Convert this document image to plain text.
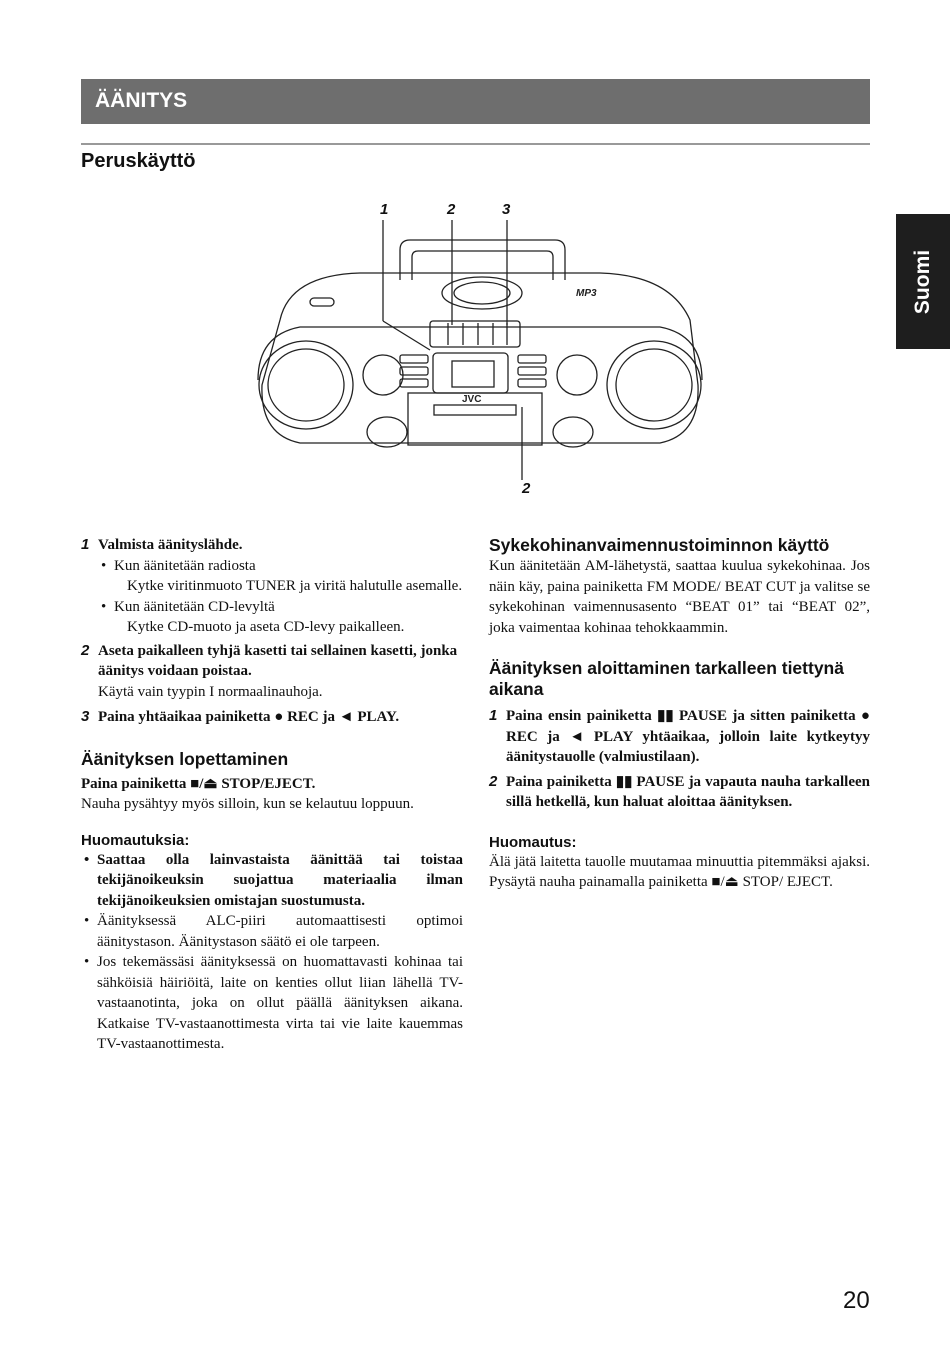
ÄÄNITYS
Peruskäyttö
Suomi
1	2	3
2
MP3
JVC
1 Valmista äänityslähde.
• Kun äänitetään radiosta
Kytke viritinmuoto TUNER ja viritä halutulle asemalle.
• Kun äänitetään CD-levyltä
Kytke CD-muoto ja aseta CD-levy paikalleen.
2 Aseta paikalleen tyhjä kasetti tai sellainen kasetti, jonka äänitys voidaan poistaa.
Käytä vain tyypin I normaalinauhoja.
3 Paina yhtäaikaa painiketta ● REC ja ◄ PLAY.
Äänityksen lopettaminen
Paina painiketta ■/⏏ STOP/EJECT.
Nauha pysähtyy myös silloin, kun se kelautuu loppuun.
Huomautuksia:
• Saattaa olla lainvastaista äänittää tai toistaa tekijänoikeuksin suojattua materiaalia ilman tekijänoikeuksien omistajan suostumusta.
• Äänityksessä ALC-piiri automaattisesti optimoi äänitystason. Äänitystason säätö ei ole tarpeen.
• Jos tekemässäsi äänityksessä on huomattavasti kohinaa tai sähköisiä häiriöitä, laite on kenties ollut liian lähellä TV-vastaanotinta, joka on ollut päällä äänityksen aikana. Katkaise TV-vastaanottimesta virta tai vie laite kauemmas TV-vastaanottimesta.
Sykekohinanvaimennustoiminnon käyttö
Kun äänitetään AM-lähetystä, saattaa kuulua sykekohinaa. Jos näin käy, paina painiketta FM MODE/ BEAT CUT ja valitse se sykekohinan vaimennusasento “BEAT 01” tai “BEAT 02”, joka vaimentaa kohinaa tehokkaammin.
Äänityksen aloittaminen tarkalleen tiettynä aikana
1 Paina ensin painiketta ▮▮ PAUSE ja sitten painiketta ● REC ja ◄ PLAY yhtäaikaa, jolloin laite kytkeytyy äänitystauolle (valmiustilaan).
2 Paina painiketta ▮▮ PAUSE ja vapauta nauha tarkalleen sillä hetkellä, kun haluat aloittaa äänityksen.
Huomautus:
Älä jätä laitetta tauolle muutamaa minuuttia pitemmäksi ajaksi. Pysäytä nauha painamalla painiketta ■/⏏ STOP/ EJECT.
20
